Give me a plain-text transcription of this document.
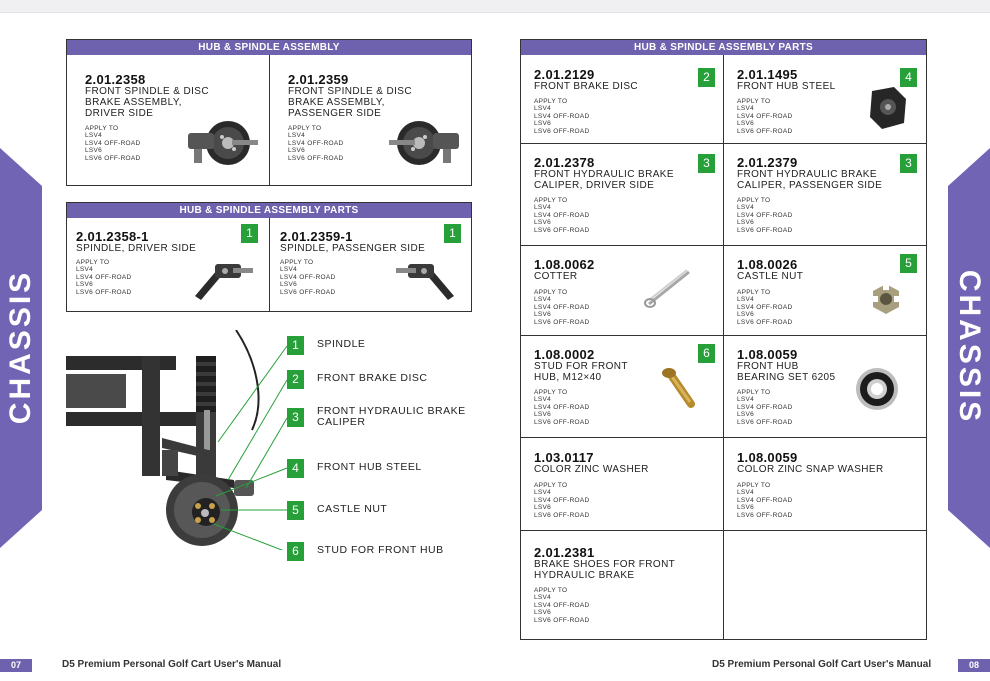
CHASSIS	CHASSIS
HUB & SPINDLE ASSEMBLY
2.01.2358
FRONT SPINDLE & DISC
BRAKE ASSEMBLY,
DRIVER SIDE
APPLY TO
LSV4
LSV4 OFF-ROAD
LSV6
LSV6 OFF-ROAD
2.01.2359
FRONT SPINDLE & DISC
BRAKE ASSEMBLY,
PASSENGER SIDE
APPLY TO
LSV4
LSV4 OFF-ROAD
LSV6
LSV6 OFF-ROAD
HUB & SPINDLE ASSEMBLY PARTS
2.01.2358-1
SPINDLE, DRIVER SIDE
1
APPLY TO
LSV4
LSV4 OFF-ROAD
LSV6
LSV6 OFF-ROAD
2.01.2359-1
SPINDLE, PASSENGER SIDE
1
APPLY TO
LSV4
LSV4 OFF-ROAD
LSV6
LSV6 OFF-ROAD
1	SPINDLE
2	FRONT BRAKE DISC
3	FRONT HYDRAULIC BRAKE
CALIPER
4	FRONT HUB STEEL
5	CASTLE NUT
6	STUD FOR FRONT HUB
HUB & SPINDLE ASSEMBLY PARTS
2.01.2129
FRONT BRAKE DISC
2
APPLY TO
LSV4
LSV4 OFF-ROAD
LSV6
LSV6 OFF-ROAD
2.01.1495
FRONT HUB STEEL
4
APPLY TO
LSV4
LSV4 OFF-ROAD
LSV6
LSV6 OFF-ROAD
2.01.2378
FRONT HYDRAULIC BRAKE
CALIPER, DRIVER SIDE
3
APPLY TO
LSV4
LSV4 OFF-ROAD
LSV6
LSV6 OFF-ROAD
2.01.2379
FRONT HYDRAULIC BRAKE
CALIPER, PASSENGER SIDE
3
APPLY TO
LSV4
LSV4 OFF-ROAD
LSV6
LSV6 OFF-ROAD
1.08.0062
COTTER
APPLY TO
LSV4
LSV4 OFF-ROAD
LSV6
LSV6 OFF-ROAD
1.08.0026
CASTLE NUT
5
APPLY TO
LSV4
LSV4 OFF-ROAD
LSV6
LSV6 OFF-ROAD
1.08.0002
STUD FOR FRONT
HUB, M12×40
6
APPLY TO
LSV4
LSV4 OFF-ROAD
LSV6
LSV6 OFF-ROAD
1.08.0059
FRONT HUB
BEARING SET 6205
APPLY TO
LSV4
LSV4 OFF-ROAD
LSV6
LSV6 OFF-ROAD
1.03.0117
COLOR ZINC WASHER
APPLY TO
LSV4
LSV4 OFF-ROAD
LSV6
LSV6 OFF-ROAD
1.08.0059
COLOR ZINC SNAP WASHER
APPLY TO
LSV4
LSV4 OFF-ROAD
LSV6
LSV6 OFF-ROAD
2.01.2381
BRAKE SHOES FOR FRONT
HYDRAULIC BRAKE
APPLY TO
LSV4
LSV4 OFF-ROAD
LSV6
LSV6 OFF-ROAD
07	D5 Premium Personal Golf Cart User's Manual	D5 Premium Personal Golf Cart User's Manual	08
